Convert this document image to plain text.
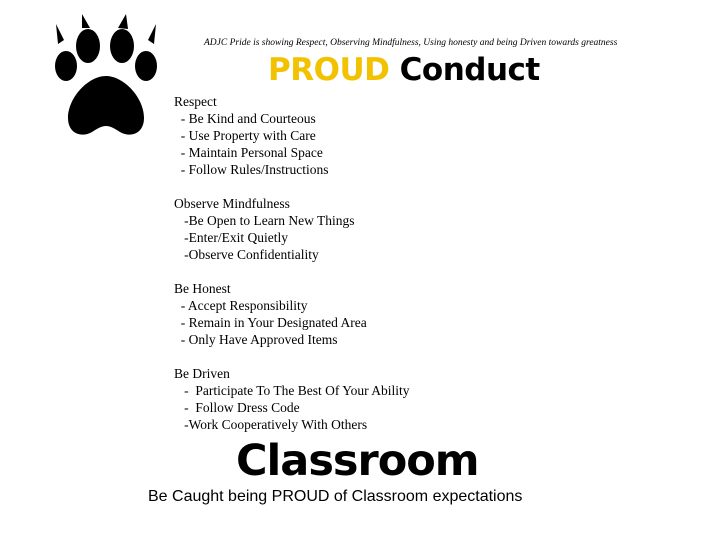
ADJC Pride is showing Respect, Observing Mindfulness, Using honesty and being Driven towards greatness
PROUD Conduct
Respect
- Be Kind and Courteous
- Use Property with Care
- Maintain Personal Space
- Follow Rules/Instructions
Observe Mindfulness
-Be Open to Learn New Things
-Enter/Exit Quietly
-Observe Confidentiality
Be Honest
- Accept Responsibility
- Remain in Your Designated Area
- Only Have Approved Items
Be Driven
-  Participate To The Best Of Your Ability
-  Follow Dress Code
-Work Cooperatively With Others
Classroom
Be Caught being PROUD of Classroom expectations
